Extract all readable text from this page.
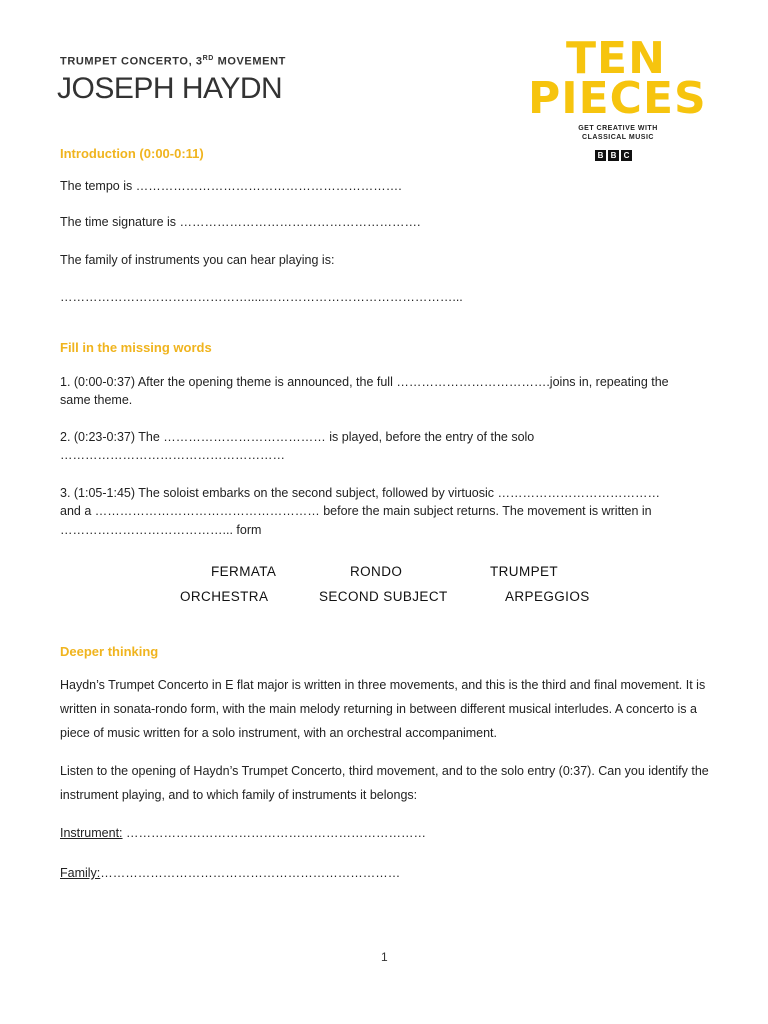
TRUMPET CONCERTO, 3RD MOVEMENT
JOSEPH HAYDN
TEN
PIECES
GET CREATIVE WITH
CLASSICAL MUSIC
B B C
Introduction (0:00-0:11)
The tempo is ……………………………………………………….
The time signature is ………………………………………………….
The family of instruments you can hear playing is:
……………………………………….....………………………………………...
Fill in the missing words
1. (0:00-0:37) After the opening theme is announced, the full ……………………………….joins in, repeating the
same theme.
2. (0:23-0:37) The ………………………………… is played, before the entry of the solo
………………………………………………
3. (1:05-1:45) The soloist embarks on the second subject, followed by virtuosic …………………………………
and a ……………………………………………… before the main subject returns. The movement is written in
…………………………………... form
FERMATA	RONDO	TRUMPET
ORCHESTRA	SECOND SUBJECT	ARPEGGIOS
Deeper thinking
Haydn’s Trumpet Concerto in E flat major is written in three movements, and this is the third and final movement. It is written in sonata-rondo form, with the main melody returning in between different musical interludes. A concerto is a piece of music written for a solo instrument, with an orchestral accompaniment.
Listen to the opening of Haydn’s Trumpet Concerto, third movement, and to the solo entry (0:37). Can you identify the instrument playing, and to which family of instruments it belongs:
Instrument: ………………………………………………………………
Family:………………………………………………………………
1
